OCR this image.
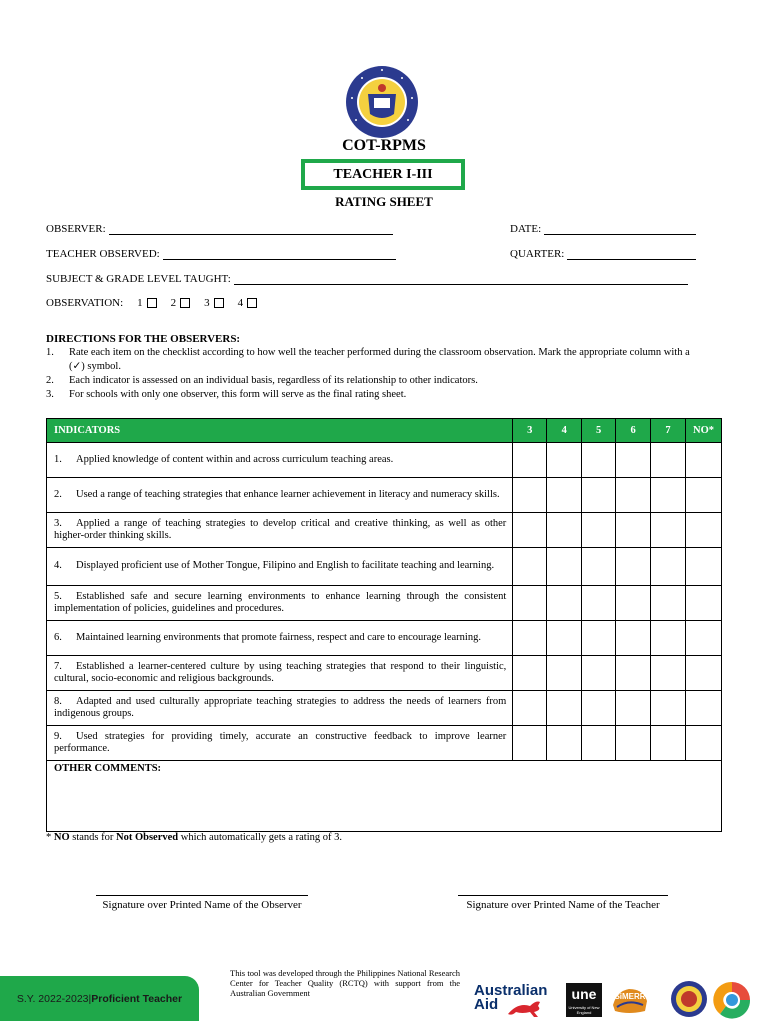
COT-RPMS
TEACHER I-III
RATING SHEET
OBSERVER:	DATE:
TEACHER OBSERVED:	QUARTER:
SUBJECT & GRADE LEVEL TAUGHT:
OBSERVATION: 1	2	3	4
DIRECTIONS FOR THE OBSERVERS:
1.	Rate each item on the checklist according to how well the teacher performed during the classroom observation. Mark the appropriate column with a (✓) symbol.
2.	Each indicator is assessed on an individual basis, regardless of its relationship to other indicators.
3.	For schools with only one observer, this form will serve as the final rating sheet.
INDICATORS	3	4	5	6	7	NO*
1. Applied knowledge of content within and across curriculum teaching areas.						
2. Used a range of teaching strategies that enhance learner achievement in literacy and numeracy skills.						
3. Applied a range of teaching strategies to develop critical and creative thinking, as well as other higher-order thinking skills.						
4. Displayed proficient use of Mother Tongue, Filipino and English to facilitate teaching and learning.						
5. Established safe and secure learning environments to enhance learning through the consistent implementation of policies, guidelines and procedures.						
6. Maintained learning environments that promote fairness, respect and care to encourage learning.						
7. Established a learner-centered culture by using teaching strategies that respond to their linguistic, cultural, socio-economic and religious backgrounds.						
8. Adapted and used culturally appropriate teaching strategies to address the needs of learners from indigenous groups.						
9. Used strategies for providing timely, accurate an constructive feedback to improve learner performance.						
OTHER COMMENTS:						
* NO stands for Not Observed which automatically gets a rating of 3.
Signature over Printed Name of the Observer	Signature over Printed Name of the Teacher
S.Y. 2022-2023 | Proficient Teacher
This tool was developed through the Philippines National Research Center for Teacher Quality (RCTQ) with support from the Australian Government	Australian
Aid
une
University of New England
SiMERR
